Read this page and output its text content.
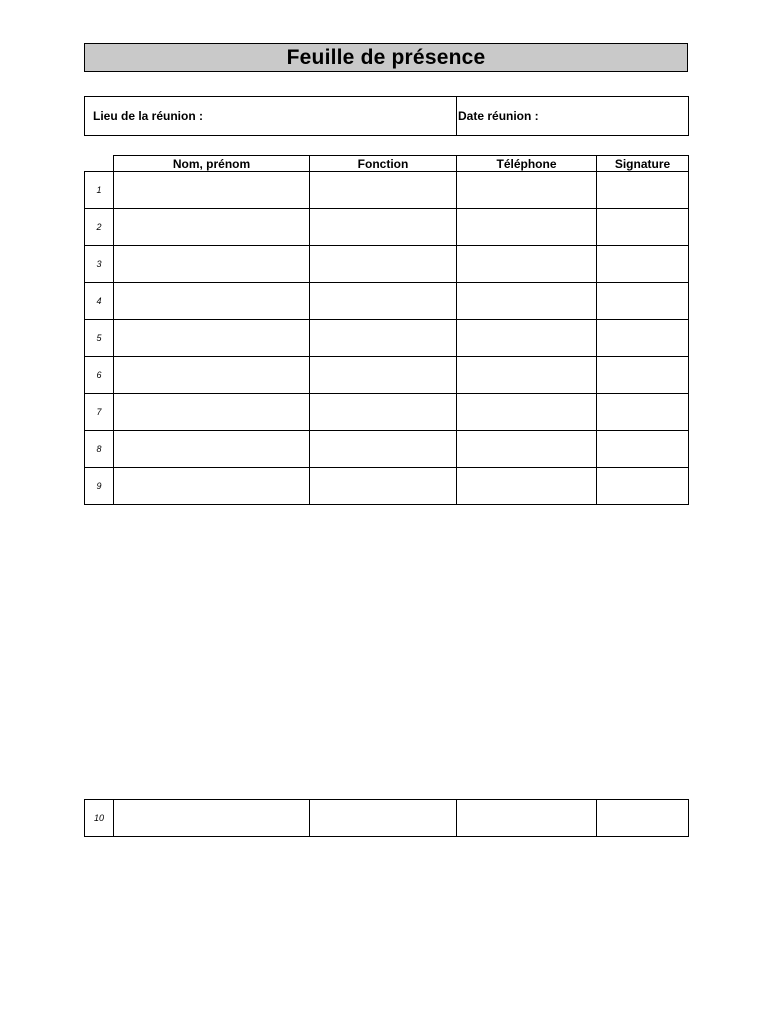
Feuille de présence
Lieu de la réunion :	Date réunion :
	Nom, prénom	Fonction	Téléphone	Signature
1				
2				
3				
4				
5				
6				
7				
8				
9				
10				
